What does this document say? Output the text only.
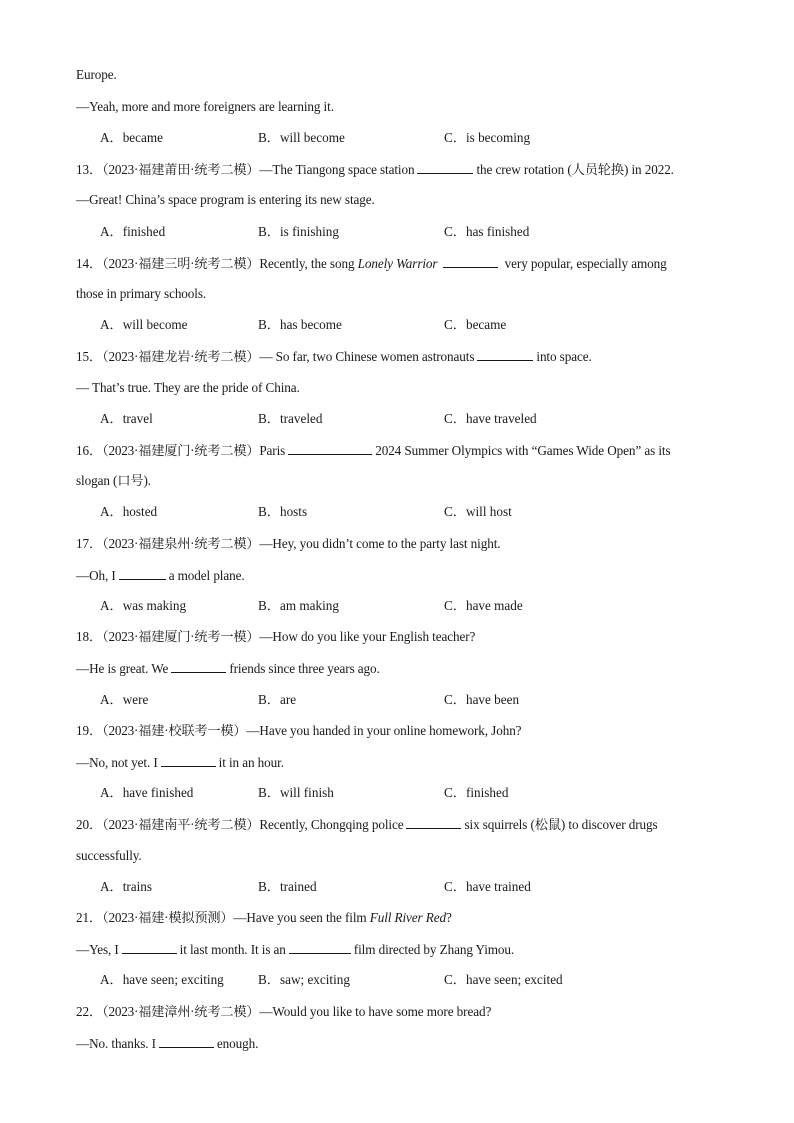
Europe.
—Yeah, more and more foreigners are learning it.
A．became	B．will become	C．is becoming
13．（2023·福建莆田·统考二模）—The Tiangong space station	the crew rotation (人员轮换) in 2022.
—Great! China’s space program is entering its new stage.
A．finished	B．is finishing	C．has finished
14．（2023·福建三明·统考二模）Recently, the song Lonely Warrior	very popular, especially among
those in primary schools.
A．will become	B．has become	C．became
15．（2023·福建龙岩·统考二模）— So far, two Chinese women astronauts	into space.
— That’s true. They are the pride of China.
A．travel	B．traveled	C．have traveled
16．（2023·福建厦门·统考二模）Paris	2024 Summer Olympics with “Games Wide Open” as its
slogan (口号).
A．hosted	B．hosts	C．will host
17．（2023·福建泉州·统考二模）—Hey, you didn’t come to the party last night.
—Oh, I	a model plane.
A．was making	B．am making	C．have made
18．（2023·福建厦门·统考一模）—How do you like your English teacher?
—He is great. We	friends since three years ago.
A．were	B．are	C．have been
19．（2023·福建·校联考一模）—Have you handed in your online homework, John?
—No, not yet. I	it in an hour.
A．have finished	B．will finish	C．finished
20．（2023·福建南平·统考二模）Recently, Chongqing police	six squirrels (松鼠) to discover drugs
successfully.
A．trains	B．trained	C．have trained
21．（2023·福建·模拟预测）—Have you seen the film Full River Red?
—Yes, I	it last month. It is an	film directed by Zhang Yimou.
A．have seen; exciting	B．saw; exciting	C．have seen; excited
22．（2023·福建漳州·统考二模）—Would you like to have some more bread?
—No. thanks. I	enough.
